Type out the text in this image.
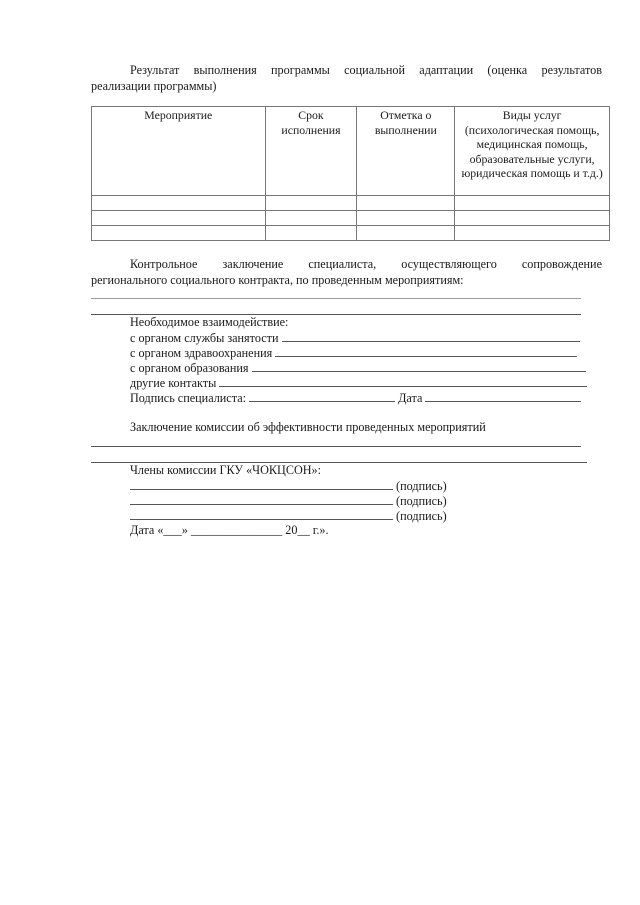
Результат выполнения программы социальной адаптации (оценка результатов

реализации программы)

Мероприятие	Срок исполнения	Отметка о выполнении	Виды услуг (психологическая помощь, медицинская помощь, образовательные услуги, юридическая помощь и т.д.)

Контрольное заключение специалиста, осуществляющего сопровождение

регионального социального контракта, по проведенным мероприятиям:

Необходимое взаимодействие:
с органом службы занятости
с органом здравоохранения
с органом образования
другие контакты
Подпись специалиста:	Дата
Заключение комиссии об эффективности проведенных мероприятий
Члены комиссии ГКУ «ЧОКЦСОН»:
(подпись)
(подпись)
(подпись)
Дата «___» _______________ 20__ г.».
